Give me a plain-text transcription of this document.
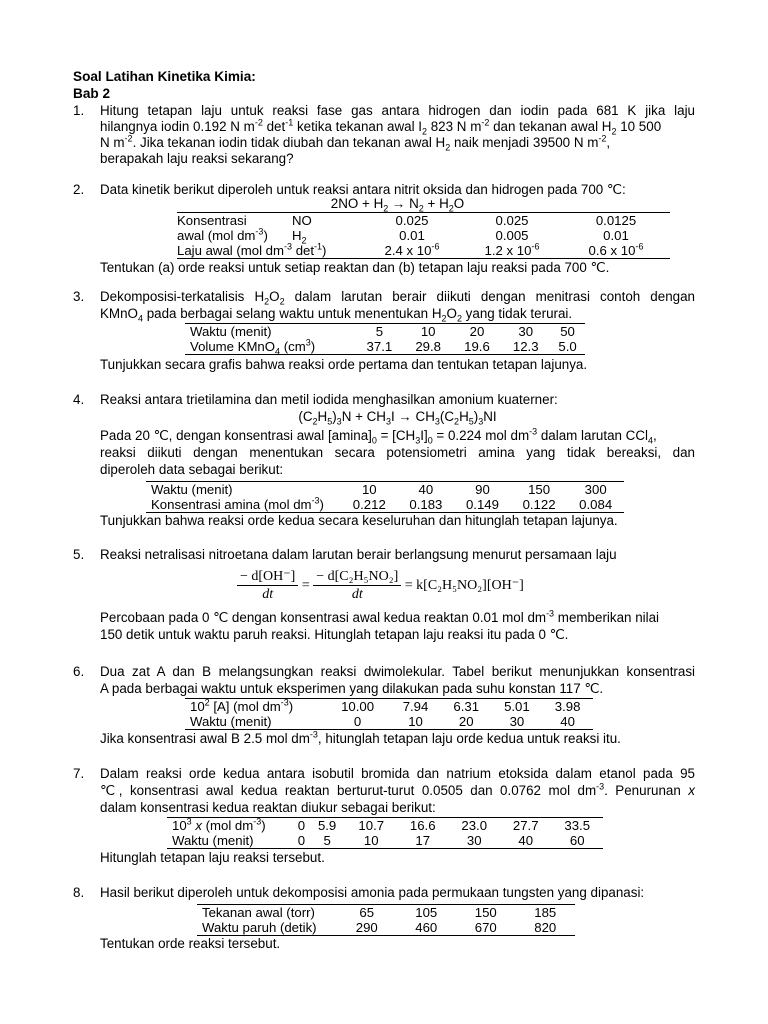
Soal Latihan Kinetika Kimia:
Bab 2
1. Hitung tetapan laju untuk reaksi fase gas antara hidrogen dan iodin pada 681 K jika laju
hilangnya iodin 0.192 N $m^{-2}$ $\det^{-1}$ ketika tekanan awal $I_2$ 823 N $m^{-2}$ dan tekanan awal $H_2$ 10 500
N $m^{-2}$. Jika tekanan iodin tidak diubah dan tekanan awal $H_2$ naik menjadi 39500 N $m^{-2}$,
berapakah laju reaksi sekarang?
2. Data kinetik berikut diperoleh untuk reaksi antara nitrit oksida dan hidrogen pada 700 ℃:
$2NO + H_2 \to N_2 + H_2O$
Konsentrasi	NO	0.025	0.025	0.0125
awal (mol $dm^{-3}$)	$H_2$	0.01	0.005	0.01
Laju awal (mol $dm^{-3}$ $\det^{-1}$)		2.4 x $10^{-6}$	1.2 x $10^{-6}$	0.6 x $10^{-6}$
Tentukan (a) orde reaksi untuk setiap reaktan dan (b) tetapan laju reaksi pada 700 ℃.
3. Dekomposisi-terkatalisis $H_2O_2$ dalam larutan berair diikuti dengan menitrasi contoh dengan
KMnO$_4$ pada berbagai selang waktu untuk menentukan $H_2O_2$ yang tidak terurai.
Waktu (menit)	5	10	20	30	50
Volume KMnO$_4$ $(cm^3)$	37.1	29.8	19.6	12.3	5.0
Tunjukkan secara grafis bahwa reaksi orde pertama dan tentukan tetapan lajunya.
4. Reaksi antara trietilamina dan metil iodida menghasilkan amonium kuaterner:
$(C_2H_5)_3N + CH_3I \to CH_3(C_2H_5)_3NI$
Pada 20 ℃, dengan konsentrasi awal $[amina]_0 = [CH_3I]_0 = 0.224$ mol $dm^{-3}$ dalam larutan CCl$_4$,
reaksi diikuti dengan menentukan secara potensiometri amina yang tidak bereaksi, dan
diperoleh data sebagai berikut:
Waktu (menit)	10	40	90	150	300
Konsentrasi amina (mol $dm^{-3}$)	0.212	0.183	0.149	0.122	0.084
Tunjukkan bahwa reaksi orde kedua secara keseluruhan dan hitunglah tetapan lajunya.
5. Reaksi netralisasi nitroetana dalam larutan berair berlangsung menurut persamaan laju
$\frac{- d[OH^-]}{dt} = \frac{\text{− d[C₂H₅NO₂]}}{dt} = k[C_2H_5NO_2][OH^-]$
Percobaan pada 0 ℃ dengan konsentrasi awal kedua reaktan 0.01 mol $dm^{-3}$ memberikan nilai
150 detik untuk waktu paruh reaksi. Hitunglah tetapan laju reaksi itu pada 0 ℃.
6. Dua zat A dan B melangsungkan reaksi dwimolekular. Tabel berikut menunjukkan konsentrasi
A pada berbagai waktu untuk eksperimen yang dilakukan pada suhu konstan 117 ℃.
$10^2$ [A] (mol $dm^{-3}$)	10.00	7.94	6.31	5.01	3.98
Waktu (menit)	0	10	20	30	40
Jika konsentrasi awal B 2.5 mol $dm^{-3}$, hitunglah tetapan laju orde kedua untuk reaksi itu.
7. Dalam reaksi orde kedua antara isobutil bromida dan natrium etoksida dalam etanol pada 95
℃, konsentrasi awal kedua reaktan berturut-turut 0.0505 dan 0.0762 mol $dm^{-3}$. Penurunan x
dalam konsentrasi kedua reaktan diukur sebagai berikut:
$10^3$ x (mol $dm^{-3}$)	0	5.9	10.7	16.6	23.0	27.7	33.5
Waktu (menit)	0	5	10	17	30	40	60
Hitunglah tetapan laju reaksi tersebut.
8. Hasil berikut diperoleh untuk dekomposisi amonia pada permukaan tungsten yang dipanasi:
Tekanan awal (torr)	65	105	150	185
Waktu paruh (detik)	290	460	670	820
Tentukan orde reaksi tersebut.
